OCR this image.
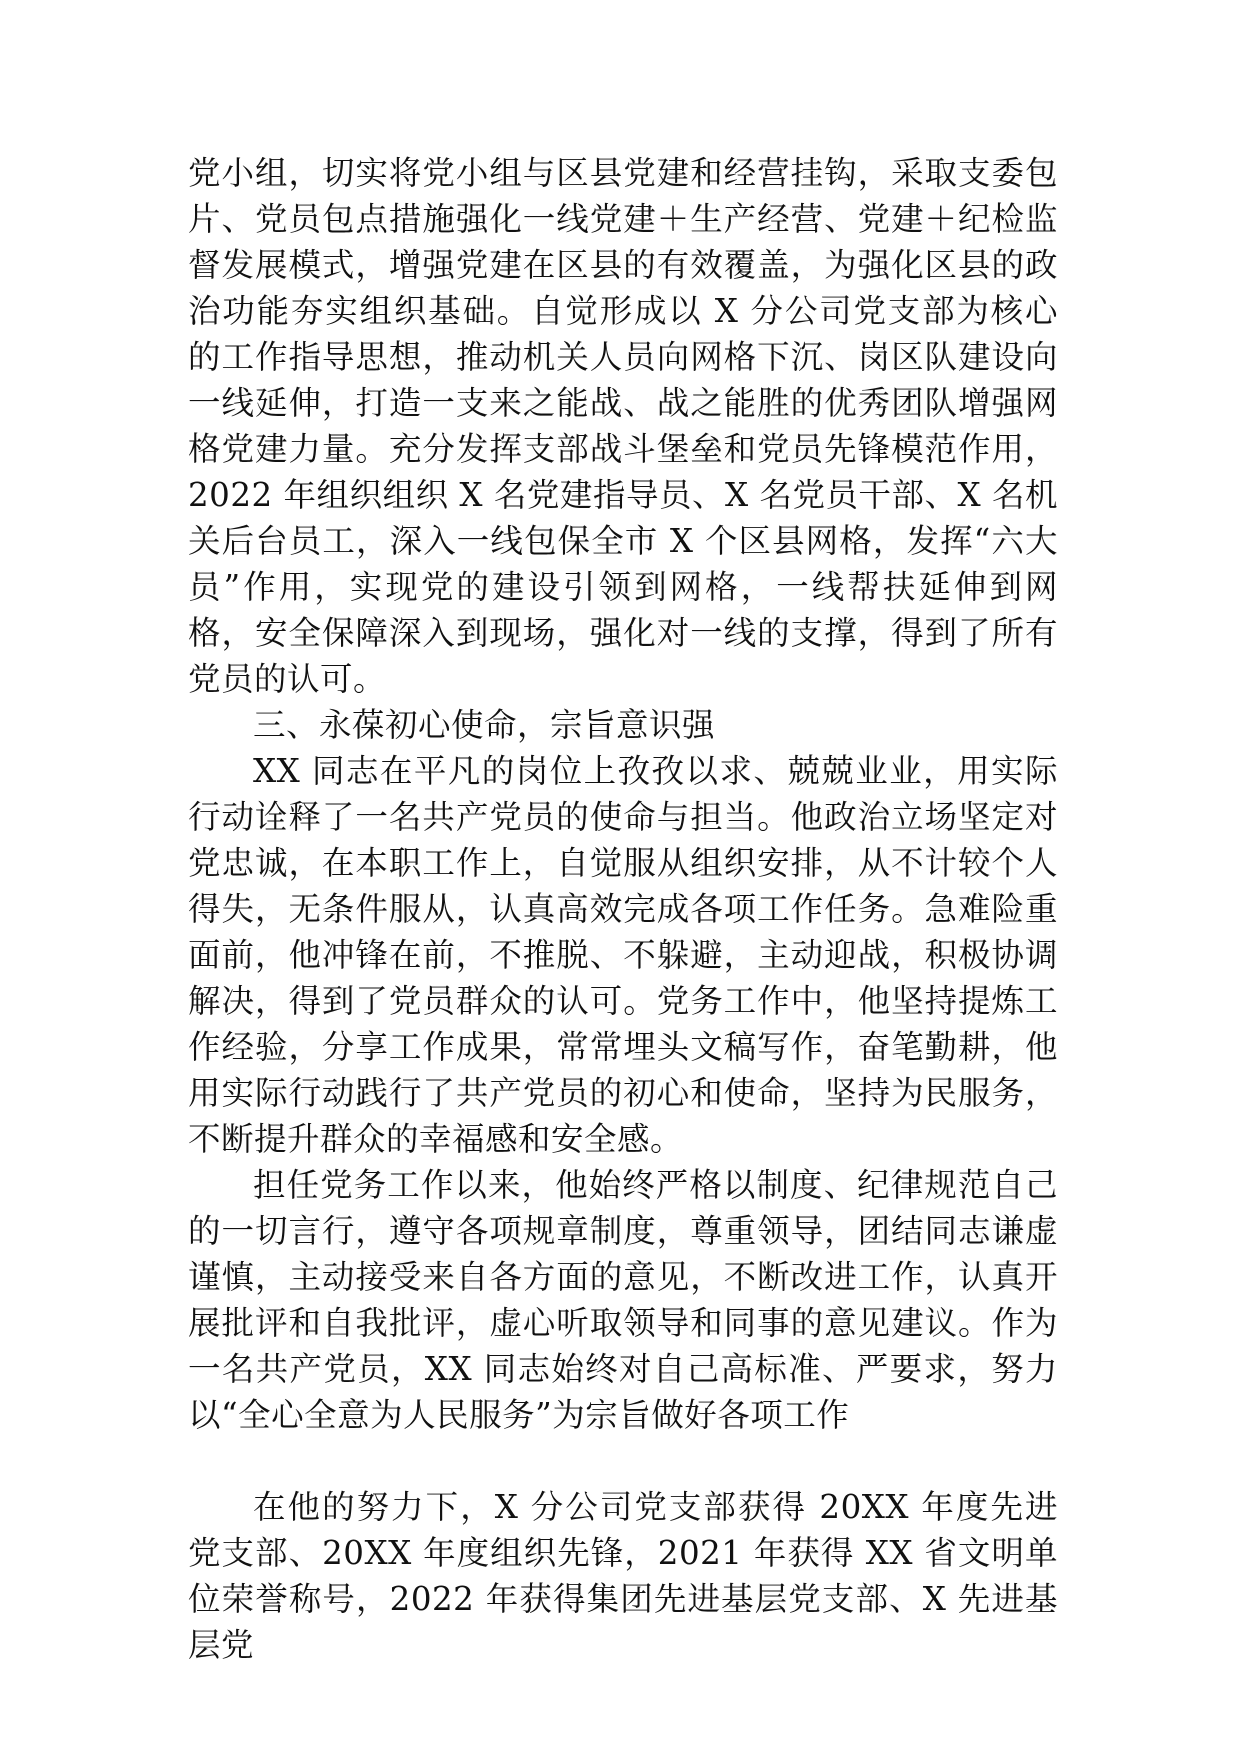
党小组，切实将党小组与区县党建和经营挂钩，采取支委包片、党员包点措施强化一线党建＋生产经营、党建＋纪检监督发展模式，增强党建在区县的有效覆盖，为强化区县的政治功能夯实组织基础。自觉形成以 X 分公司党支部为核心的工作指导思想，推动机关人员向网格下沉、岗区队建设向一线延伸，打造一支来之能战、战之能胜的优秀团队增强网格党建力量。充分发挥支部战斗堡垒和党员先锋模范作用，2022 年组织组织 X 名党建指导员、X 名党员干部、X 名机关后台员工，深入一线包保全市 X 个区县网格，发挥“六大员”作用，实现党的建设引领到网格，一线帮扶延伸到网格，安全保障深入到现场，强化对一线的支撑，得到了所有党员的认可。

三、永葆初心使命，宗旨意识强

XX 同志在平凡的岗位上孜孜以求、兢兢业业，用实际行动诠释了一名共产党员的使命与担当。他政治立场坚定对党忠诚，在本职工作上，自觉服从组织安排，从不计较个人得失，无条件服从，认真高效完成各项工作任务。急难险重面前，他冲锋在前，不推脱、不躲避，主动迎战，积极协调解决，得到了党员群众的认可。党务工作中，他坚持提炼工作经验，分享工作成果，常常埋头文稿写作，奋笔勤耕，他用实际行动践行了共产党员的初心和使命，坚持为民服务，不断提升群众的幸福感和安全感。

担任党务工作以来，他始终严格以制度、纪律规范自己的一切言行，遵守各项规章制度，尊重领导，团结同志谦虚谨慎，主动接受来自各方面的意见，不断改进工作，认真开展批评和自我批评，虚心听取领导和同事的意见建议。作为一名共产党员，XX 同志始终对自己高标准、严要求，努力以“全心全意为人民服务”为宗旨做好各项工作

在他的努力下，X 分公司党支部获得 20XX 年度先进党支部、20XX 年度组织先锋，2021 年获得 XX 省文明单位荣誉称号，2022 年获得集团先进基层党支部、X 先进基层党
